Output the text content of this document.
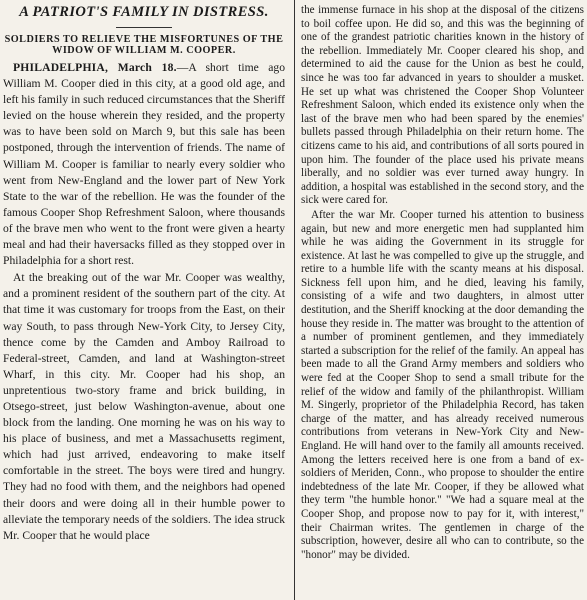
A PATRIOT'S FAMILY IN DISTRESS.
SOLDIERS TO RELIEVE THE MISFORTUNES OF THE WIDOW OF WILLIAM M. COOPER.

PHILADELPHIA, March 18.—A short time ago William M. Cooper died in this city, at a good old age, and left his family in such reduced circumstances that the Sheriff levied on the house wherein they resided, and the property was to have been sold on March 9, but this sale has been postponed, through the intervention of friends. The name of William M. Cooper is familiar to nearly every soldier who went from New-England and the lower part of New York State to the war of the rebellion. He was the founder of the famous Cooper Shop Refreshment Saloon, where thousands of the brave men who went to the front were given a hearty meal and had their haversacks filled as they stopped over in Philadelphia for a short rest.

At the breaking out of the war Mr. Cooper was wealthy, and a prominent resident of the southern part of the city. At that time it was customary for troops from the East, on their way South, to pass through New-York City, to Jersey City, thence come by the Camden and Amboy Railroad to Federal-street, Camden, and land at Washington-street Wharf, in this city. Mr. Cooper had his shop, an unpretentious two-story frame and brick building, in Otsego-street, just below Washington-avenue, about one block from the landing. One morning he was on his way to his place of business, and met a Massachusetts regiment, which had just arrived, endeavoring to make itself comfortable in the street. The boys were tired and hungry. They had no food with them, and the neighbors had opened their doors and were doing all in their humble power to alleviate the temporary needs of the soldiers. The idea struck Mr. Cooper that he would place

the immense furnace in his shop at the disposal of the citizens to boil coffee upon. He did so, and this was the beginning of one of the grandest patriotic charities known in the history of the rebellion. Immediately Mr. Cooper cleared his shop, and determined to aid the cause for the Union as best he could, since he was too far advanced in years to shoulder a musket. He set up what was christened the Cooper Shop Volunteer Refreshment Saloon, which ended its existence only when the last of the brave men who had been spared by the enemies' bullets passed through Philadelphia on their return home. The citizens came to his aid, and contributions of all sorts poured in upon him. The founder of the place used his private means liberally, and no soldier was ever turned away hungry. In addition, a hospital was established in the second story, and the sick were cared for.

After the war Mr. Cooper turned his attention to business again, but new and more energetic men had supplanted him while he was aiding the Government in its struggle for existence. At last he was compelled to give up the struggle, and retire to a humble life with the scanty means at his disposal. Sickness fell upon him, and he died, leaving his family, consisting of a wife and two daughters, in almost utter destitution, and the Sheriff knocking at the door demanding the house they reside in. The matter was brought to the attention of a number of prominent gentlemen, and they immediately started a subscription for the relief of the family. An appeal has been made to all the Grand Army members and soldiers who were fed at the Cooper Shop to send a small tribute for the relief of the widow and family of the philanthropist. William M. Singerly, proprietor of the Philadelphia Record, has taken charge of the matter, and has already received numerous contributions from veterans in New-York City and New-England. He will hand over to the family all amounts received. Among the letters received here is one from a band of ex-soldiers of Meriden, Conn., who propose to shoulder the entire indebtedness of the late Mr. Cooper, if they be allowed what they term "the humble honor." "We had a square meal at the Cooper Shop, and propose now to pay for it, with interest," their Chairman writes. The gentlemen in charge of the subscription, however, desire all who can to contribute, so the "honor" may be divided.
